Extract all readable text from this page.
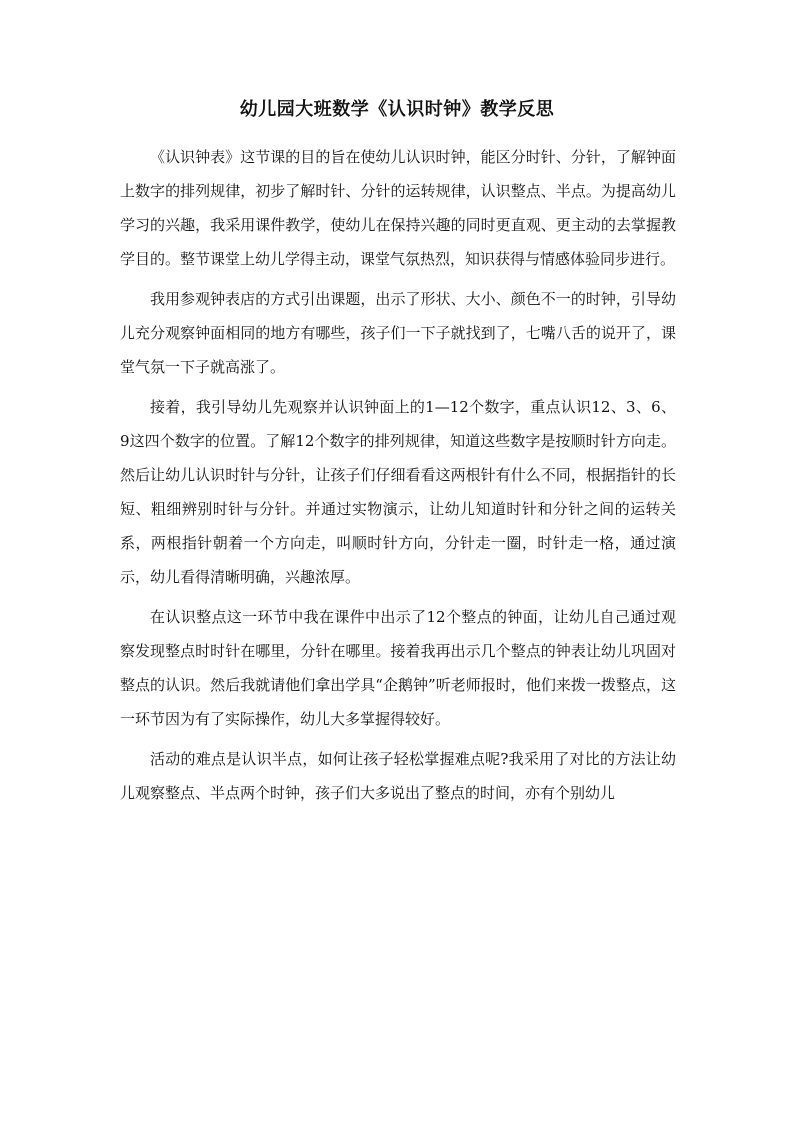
幼儿园大班数学《认识时钟》教学反思

《认识钟表》这节课的目的旨在使幼儿认识时钟，能区分时针、分针，了解钟面上数字的排列规律，初步了解时针、分针的运转规律，认识整点、半点。为提高幼儿学习的兴趣，我采用课件教学，使幼儿在保持兴趣的同时更直观、更主动的去掌握教学目的。整节课堂上幼儿学得主动，课堂气氛热烈，知识获得与情感体验同步进行。

我用参观钟表店的方式引出课题，出示了形状、大小、颜色不一的时钟，引导幼儿充分观察钟面相同的地方有哪些，孩子们一下子就找到了，七嘴八舌的说开了，课堂气氛一下子就高涨了。

接着，我引导幼儿先观察并认识钟面上的1—12个数字，重点认识12、3、6、9这四个数字的位置。了解12个数字的排列规律，知道这些数字是按顺时针方向走。然后让幼儿认识时针与分针，让孩子们仔细看看这两根针有什么不同，根据指针的长短、粗细辨别时针与分针。并通过实物演示，让幼儿知道时针和分针之间的运转关系，两根指针朝着一个方向走，叫顺时针方向，分针走一圈，时针走一格，通过演示，幼儿看得清晰明确，兴趣浓厚。

在认识整点这一环节中我在课件中出示了12个整点的钟面，让幼儿自己通过观察发现整点时时针在哪里，分针在哪里。接着我再出示几个整点的钟表让幼儿巩固对整点的认识。然后我就请他们拿出学具“企鹅钟”听老师报时，他们来拨一拨整点，这一环节因为有了实际操作，幼儿大多掌握得较好。

活动的难点是认识半点，如何让孩子轻松掌握难点呢?我采用了对比的方法让幼儿观察整点、半点两个时钟，孩子们大多说出了整点的时间，亦有个别幼儿
